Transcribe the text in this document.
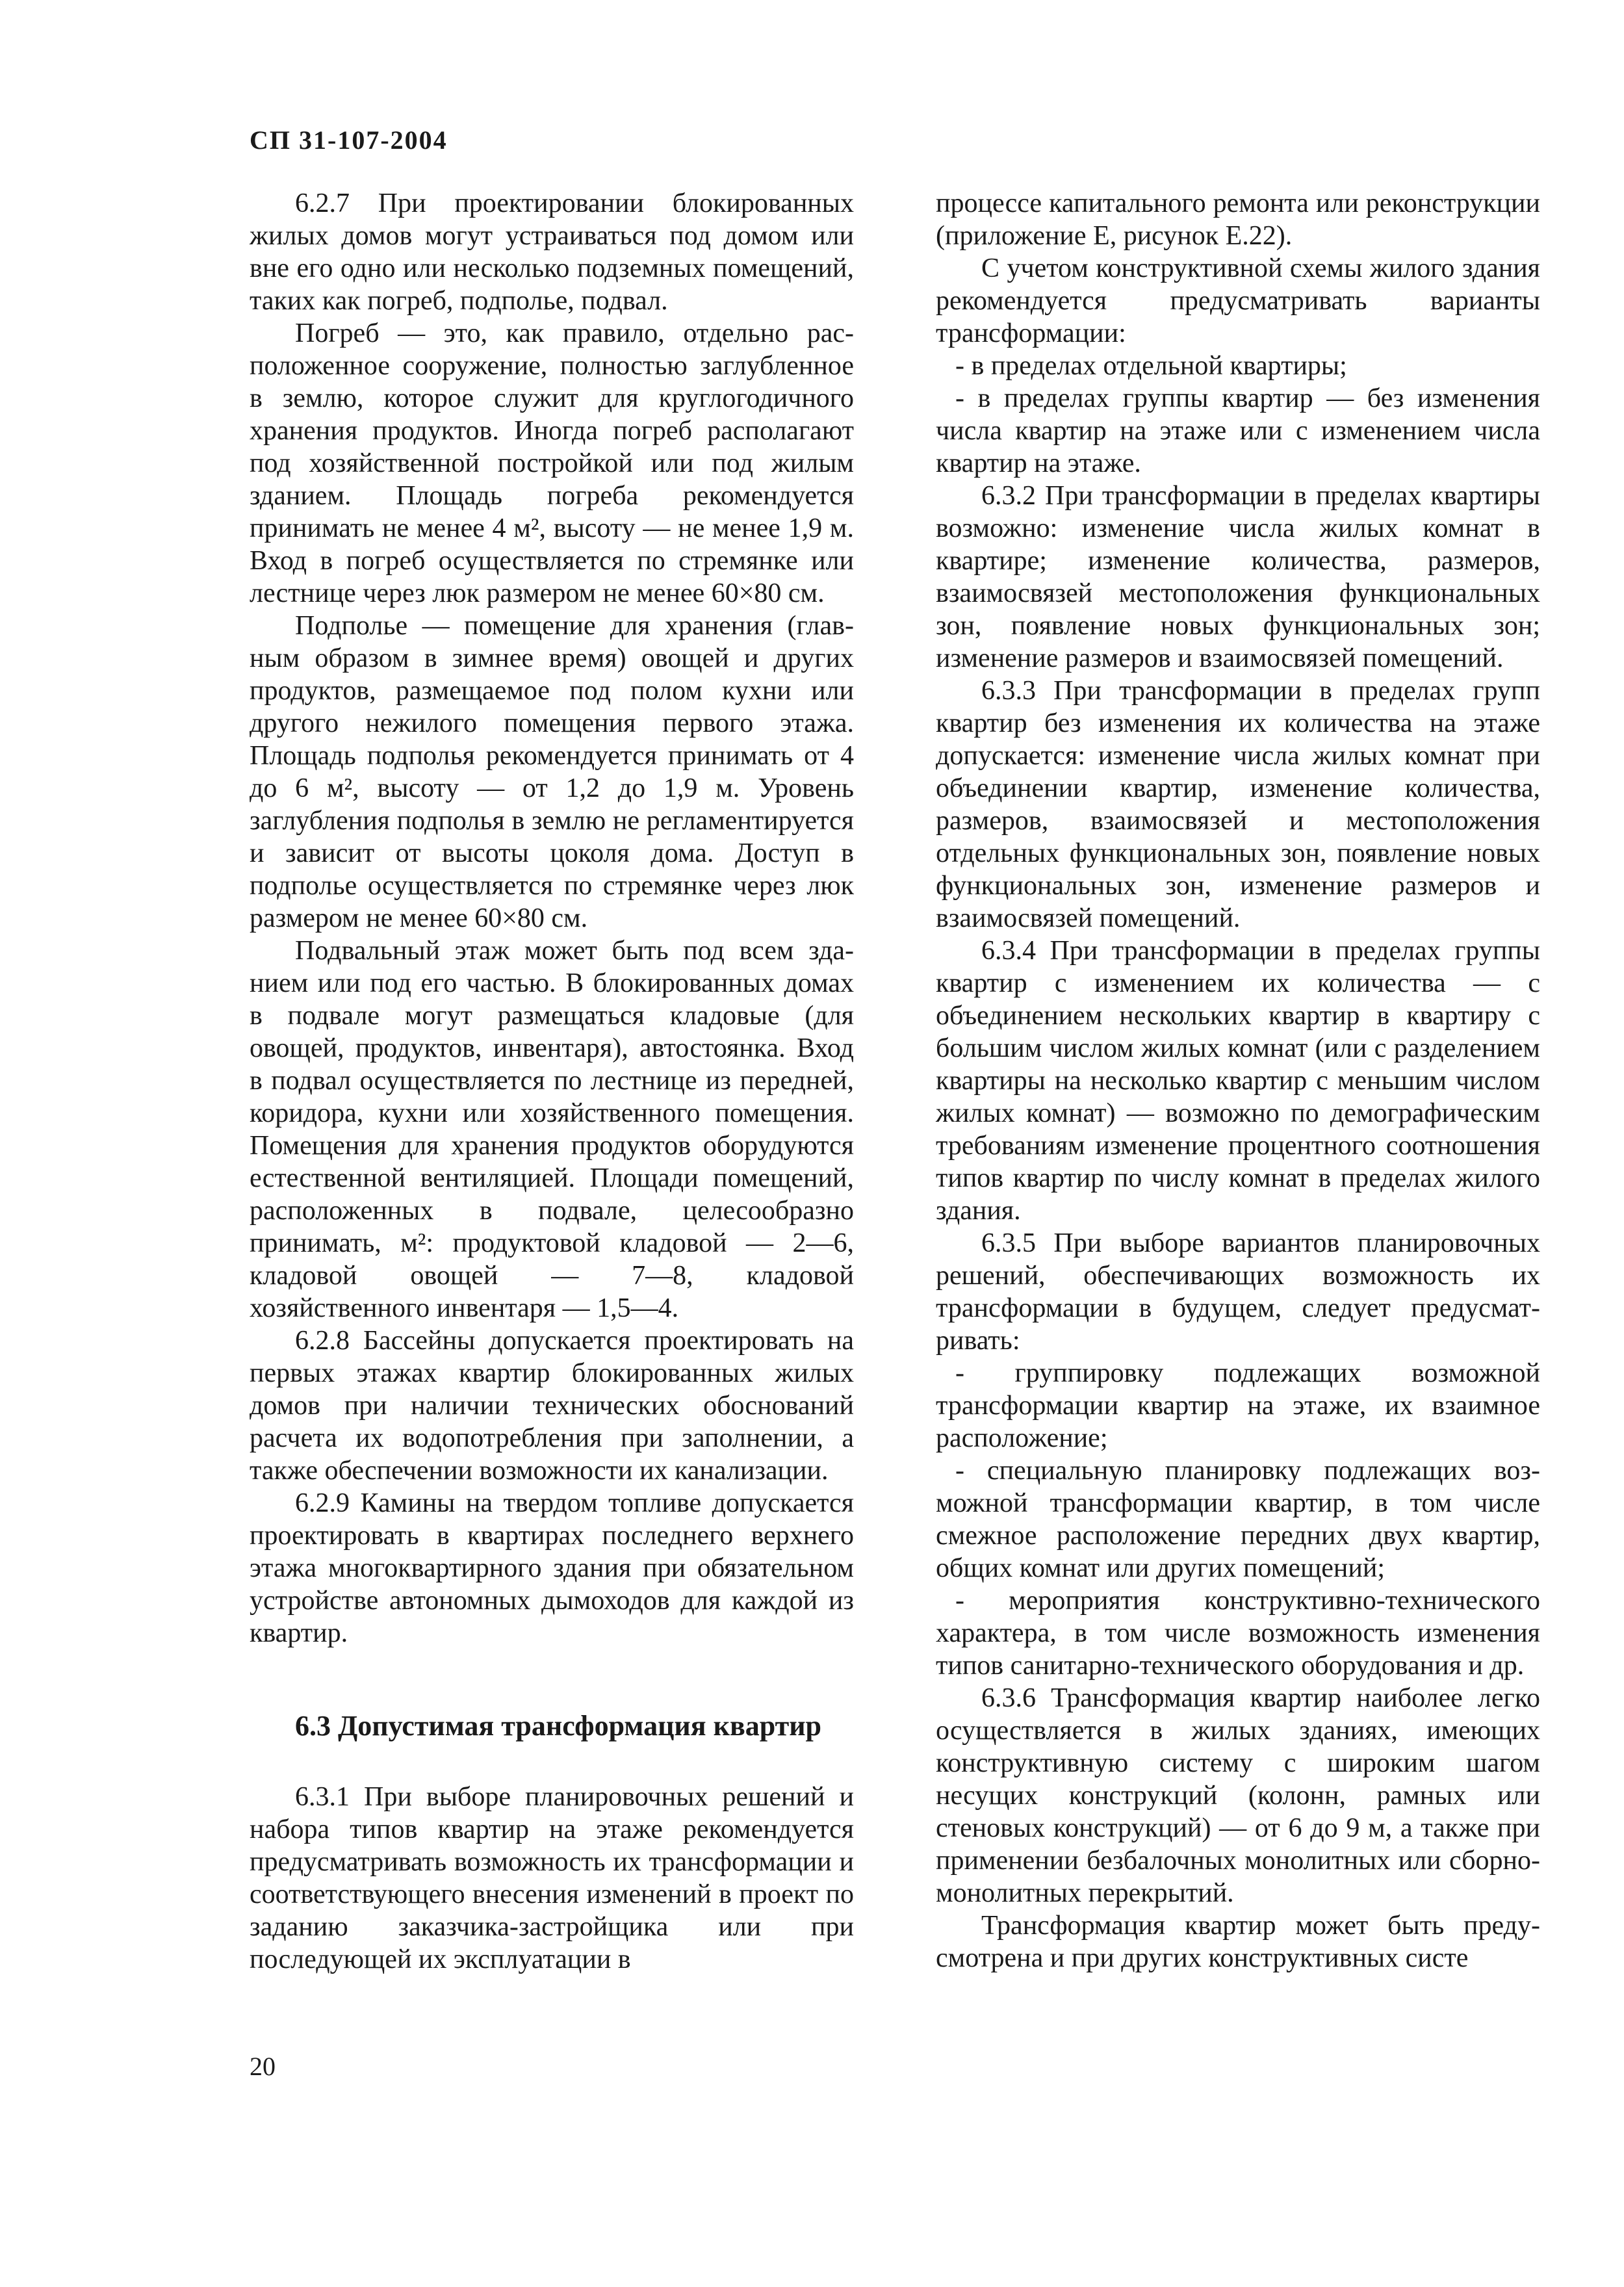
СП 31-107-2004

6.2.7 При проектировании блокированных жилых домов могут устраиваться под домом или вне его одно или несколько подземных помещений, таких как погреб, подполье, подвал.

Погреб — это, как правило, отдельно расположенное сооружение, полностью заглубленное в землю, которое служит для круглогодичного хранения продуктов. Иногда погреб располагают под хозяйственной постройкой или под жилым зданием. Площадь погреба рекомендуется принимать не менее 4 м², высоту — не менее 1,9 м. Вход в погреб осуществляется по стремянке или лестнице через люк размером не менее 60×80 см.

Подполье — помещение для хранения (главным образом в зимнее время) овощей и других продуктов, размещаемое под полом кухни или другого нежилого помещения первого этажа. Площадь подполья рекомендуется принимать от 4 до 6 м², высоту — от 1,2 до 1,9 м. Уровень заглубления подполья в землю не регламентируется и зависит от высоты цоколя дома. Доступ в подполье осуществляется по стремянке через люк размером не менее 60×80 см.

Подвальный этаж может быть под всем зданием или под его частью. В блокированных домах в подвале могут размещаться кладовые (для овощей, продуктов, инвентаря), автостоянка. Вход в подвал осуществляется по лестнице из передней, коридора, кухни или хозяйственного помещения. Помещения для хранения продуктов оборудуются естественной вентиляцией. Площади помещений, расположенных в подвале, целесообразно принимать, м²: продуктовой кладовой — 2—6, кладовой овощей — 7—8, кладовой хозяйственного инвентаря — 1,5—4.

6.2.8 Бассейны допускается проектировать на первых этажах квартир блокированных жилых домов при наличии технических обоснований расчета их водопотребления при заполнении, а также обеспечении возможности их канализации.

6.2.9 Камины на твердом топливе допускается проектировать в квартирах последнего верхнего этажа многоквартирного здания при обязательном устройстве автономных дымоходов для каждой из квартир.

6.3 Допустимая трансформация квартир

6.3.1 При выборе планировочных решений и набора типов квартир на этаже рекомендуется предусматривать возможность их трансформации и соответствующего внесения изменений в проект по заданию заказчика-застройщика или при последующей их эксплуатации в

процессе капитального ремонта или реконструкции (приложение Е, рисунок Е.22).

С учетом конструктивной схемы жилого здания рекомендуется предусматривать варианты трансформации:

- в пределах отдельной квартиры;

- в пределах группы квартир — без изменения числа квартир на этаже или с изменением числа квартир на этаже.

6.3.2 При трансформации в пределах квартиры возможно: изменение числа жилых комнат в квартире; изменение количества, размеров, взаимосвязей местоположения функциональных зон, появление новых функциональных зон; изменение размеров и взаимосвязей помещений.

6.3.3 При трансформации в пределах групп квартир без изменения их количества на этаже допускается: изменение числа жилых комнат при объединении квартир, изменение количества, размеров, взаимосвязей и местоположения отдельных функциональных зон, появление новых функциональных зон, изменение размеров и взаимосвязей помещений.

6.3.4 При трансформации в пределах группы квартир с изменением их количества — с объединением нескольких квартир в квартиру с большим числом жилых комнат (или с разделением квартиры на несколько квартир с меньшим числом жилых комнат) — возможно по демографическим требованиям изменение процентного соотношения типов квартир по числу комнат в пределах жилого здания.

6.3.5 При выборе вариантов планировочных решений, обеспечивающих возможность их трансформации в будущем, следует предусматривать:

- группировку подлежащих возможной трансформации квартир на этаже, их взаимное расположение;

- специальную планировку подлежащих возможной трансформации квартир, в том числе смежное расположение передних двух квартир, общих комнат или других помещений;

- мероприятия конструктивно-технического характера, в том числе возможность изменения типов санитарно-технического оборудования и др.

6.3.6 Трансформация квартир наиболее легко осуществляется в жилых зданиях, имеющих конструктивную систему с широким шагом несущих конструкций (колонн, рамных или стеновых конструкций) — от 6 до 9 м, а также при применении безбалочных монолитных или сборно-монолитных перекрытий.

Трансформация квартир может быть предусмотрена и при других конструктивных систе

20
